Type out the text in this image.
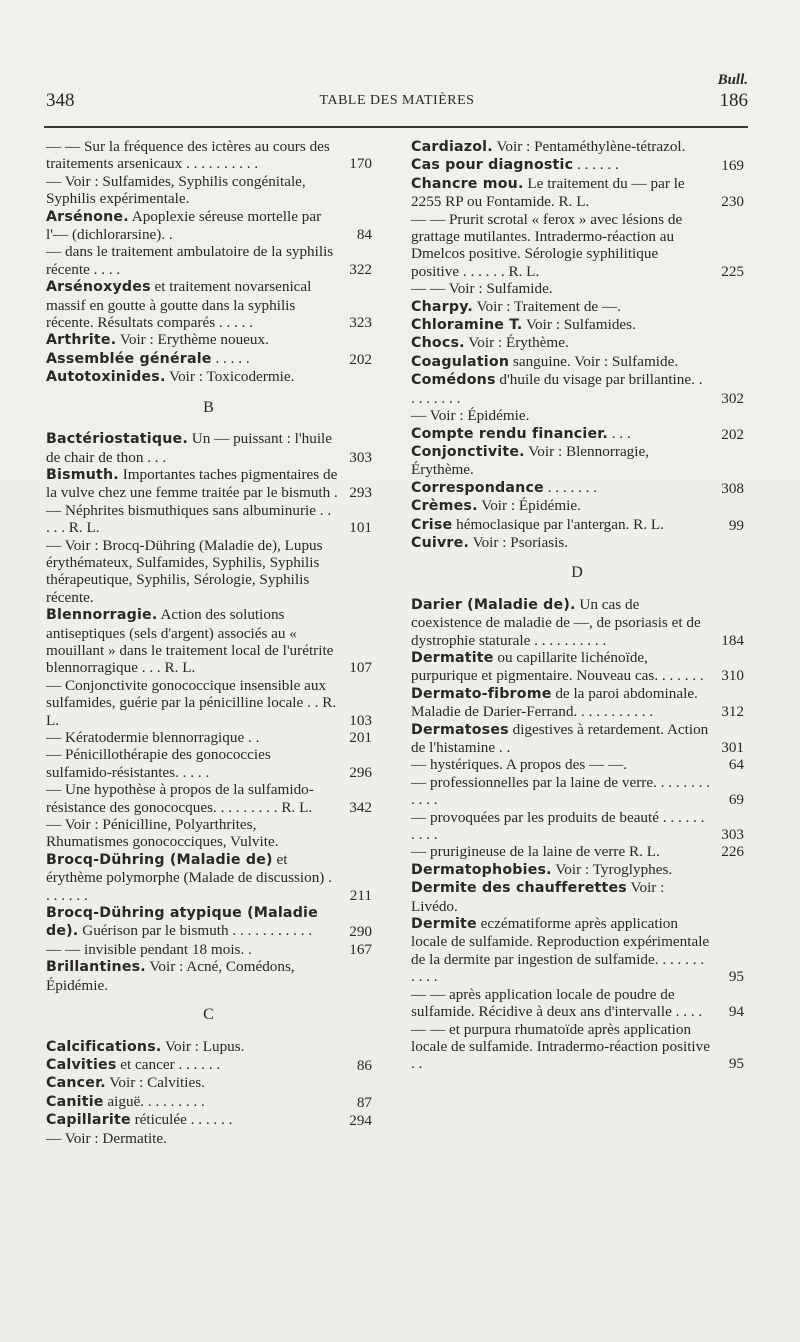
Bull.
348	TABLE DES MATIÈRES	186
— — Sur la fréquence des ictères au cours des traitements arsenicaux . . . . . . . . . .	170
— Voir : Sulfamides, Syphilis congénitale, Syphilis expérimentale.
Arsénone. Apoplexie séreuse mortelle par l'— (dichlorarsine). .	84
— dans le traitement ambulatoire de la syphilis récente . . . .	322
Arsénoxydes et traitement novarsenical massif en goutte à goutte dans la syphilis récente. Résultats comparés . . . . .	323
Arthrite. Voir : Erythème noueux.
Assemblée générale . . . . .	202
Autotoxinides. Voir : Toxicodermie.
B
Bactériostatique. Un — puissant : l'huile de chair de thon . . .	303
Bismuth. Importantes taches pigmentaires de la vulve chez une femme traitée par le bismuth . 293
— Néphrites bismuthiques sans albuminurie . . . . . R. L.	101
— Voir : Brocq-Dühring (Maladie de), Lupus érythémateux, Sulfamides, Syphilis, Syphilis thérapeutique, Syphilis, Sérologie, Syphilis récente.
Blennorragie. Action des solutions antiseptiques (sels d'argent) associés au « mouillant » dans le traitement local de l'urétrite blennorragique . . . R. L.	107
— Conjonctivite gonococcique insensible aux sulfamides, guérie par la pénicilline locale . . R. L.	103
— Kératodermie blennorragique . .	201
— Pénicillothérapie des gonococcies sulfamido-résistantes. . . . .	296
— Une hypothèse à propos de la sulfamido-résistance des gonococques. . . . . . . . . R. L.	342
— Voir : Pénicilline, Polyarthrites, Rhumatismes gonococciques, Vulvite.
Brocq-Dühring (Maladie de) et érythème polymorphe (Malade de discussion) . . . . . . .	211
Brocq-Dühring atypique (Maladie de). Guérison par le bismuth . . . . . . . . . . .	290
— — invisible pendant 18 mois. .	167
Brillantines. Voir : Acné, Comédons, Épidémie.
C
Calcifications. Voir : Lupus.
Calvities et cancer . . . . . .	86
Cancer. Voir : Calvities.
Canitie aiguë. . . . . . . . .	87
Capillarite réticulée . . . . . .	294
— Voir : Dermatite.
Cardiazol. Voir : Pentaméthylène-tétrazol.
Cas pour diagnostic . . . . . .	169
Chancre mou. Le traitement du — par le 2255 RP ou Fontamide. R. L.	230
— — Prurit scrotal « ferox » avec lésions de grattage mutilantes. Intradermo-réaction au Dmelcos positive. Sérologie syphilitique positive . . . . . . R. L.	225
— — Voir : Sulfamide.
Charpy. Voir : Traitement de —.
Chloramine T. Voir : Sulfamides.
Chocs. Voir : Érythème.
Coagulation sanguine. Voir : Sulfamide.
Comédons d'huile du visage par brillantine. . . . . . . . .	302
— Voir : Épidémie.
Compte rendu financier. . . .	202
Conjonctivite. Voir : Blennorragie, Érythème.
Correspondance . . . . . . .	308
Crèmes. Voir : Épidémie.
Crise hémoclasique par l'antergan. R. L.	99
Cuivre. Voir : Psoriasis.
D
Darier (Maladie de). Un cas de coexistence de maladie de —, de psoriasis et de dystrophie staturale . . . . . . . . . .	184
Dermatite ou capillarite lichénoïde, purpurique et pigmentaire. Nouveau cas. . . . . . .	310
Dermato-fibrome de la paroi abdominale. Maladie de Darier-Ferrand. . . . . . . . . . .	312
Dermatoses digestives à retardement. Action de l'histamine . .	301
— hystériques. A propos des — —.	64
— professionnelles par la laine de verre. . . . . . . . . . . .	69
— provoquées par les produits de beauté . . . . . . . . . .	303
— prurigineuse de la laine de verre R. L.	226
Dermatophobies. Voir : Tyroglyphes.
Dermite des chaufferettes Voir : Livédo.
Dermite eczématiforme après application locale de sulfamide. Reproduction expérimentale de la dermite par ingestion de sulfamide. . . . . . . . . . .	95
— — après application locale de poudre de sulfamide. Récidive à deux ans d'intervalle . . . .	94
— — et purpura rhumatoïde après application locale de sulfamide. Intradermo-réaction positive . .	95
